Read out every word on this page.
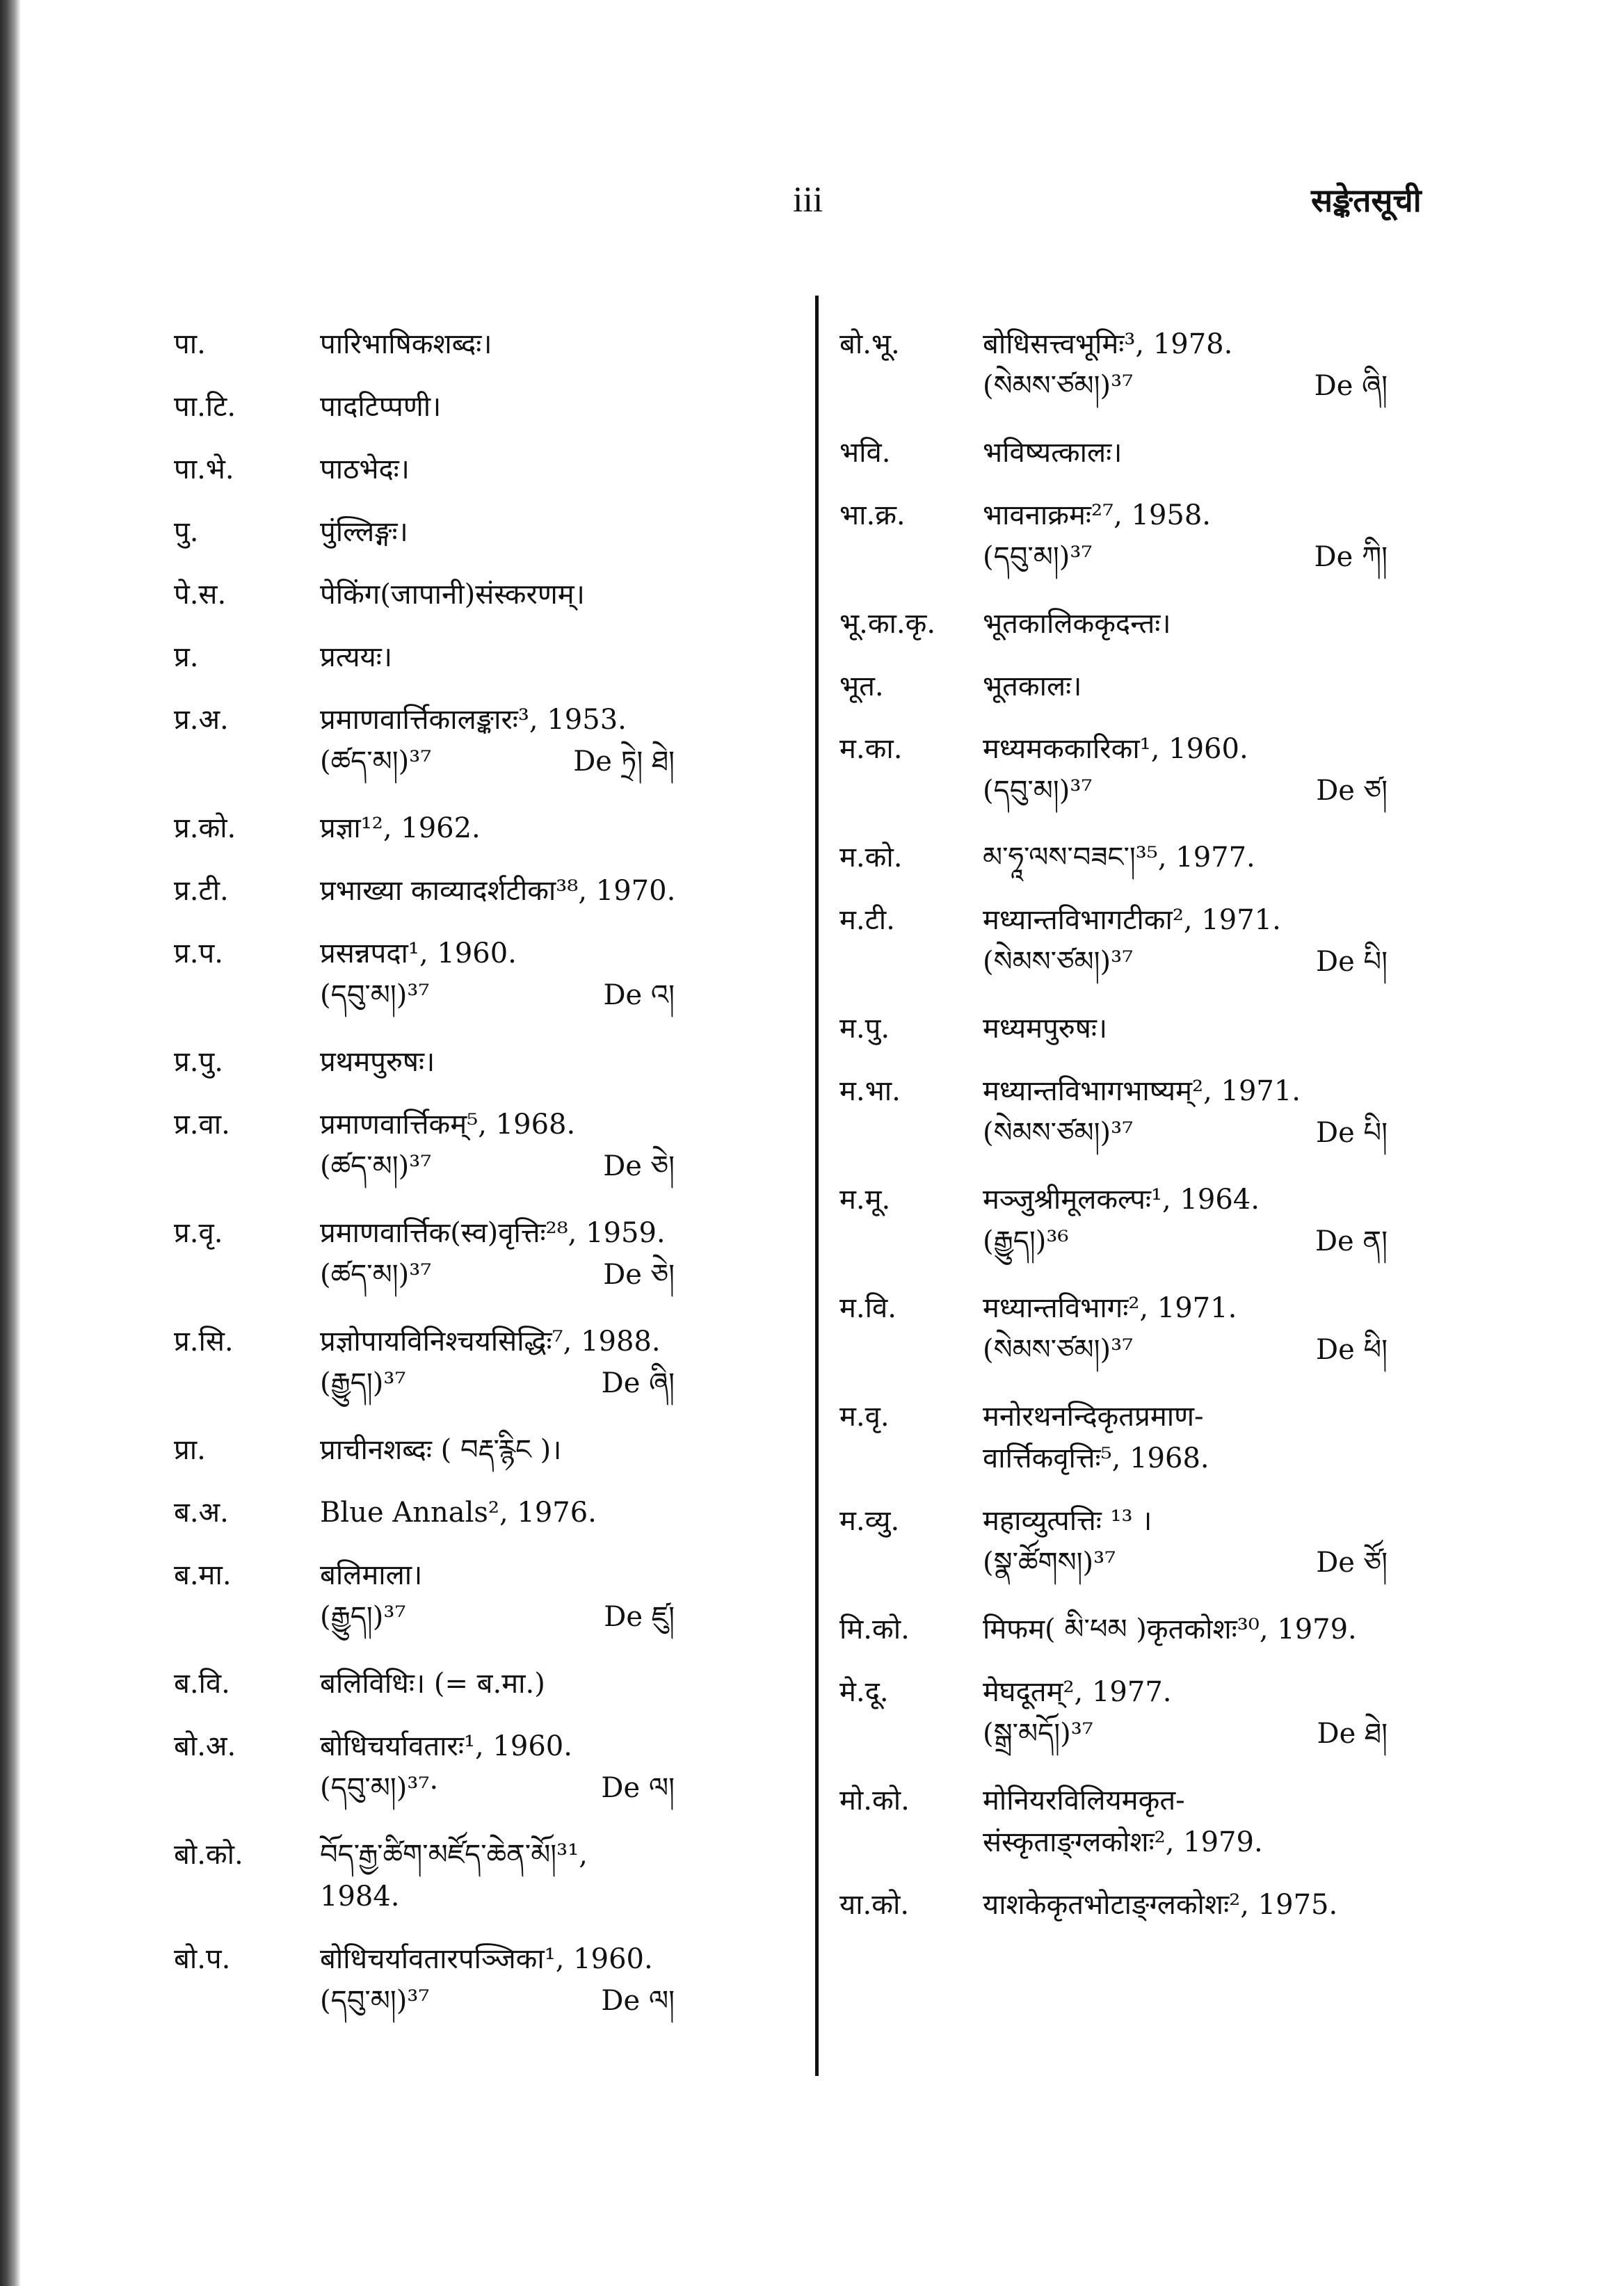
iii	सङ्केतसूची
पा.	पारिभाषिकशब्दः।
पा.टि.	पादटिप्पणी।
पा.भे.	पाठभेदः।
पु.	पुंल्लिङ्गः।
पे.स.	पेकिंग(जापानी)संस्करणम्।
प्र.	प्रत्ययः।
प्र.अ.	प्रमाणवार्त्तिकालङ्कारः³, 1953.
(ཚད་མ།)³⁷	De ཏྲེ། ཐེ།
प्र.को.	प्रज्ञा¹², 1962.
प्र.टी.	प्रभाख्या काव्यादर्शटीका³⁸, 1970.
प्र.प.	प्रसन्नपदा¹, 1960.
(དབུ་མ།)³⁷	De འ།
प्र.पु.	प्रथमपुरुषः।
प्र.वा.	प्रमाणवार्त्तिकम्⁵, 1968.
(ཚད་མ།)³⁷	De ཅེ།
प्र.वृ.	प्रमाणवार्त्तिक(स्व)वृत्तिः²⁸, 1959.
(ཚད་མ།)³⁷	De ཅེ།
प्र.सि.	प्रज्ञोपायविनिश्चयसिद्धिः⁷, 1988.
(རྒྱུད།)³⁷	De ཞི།
प्रा.	प्राचीनशब्दः ( བརྡ་རྙིང )।
ब.अ.	Blue Annals², 1976.
ब.मा.	बलिमाला।
(རྒྱུད།)³⁷	De ཛུ།
ब.वि.	बलिविधिः। (= ब.मा.)
बो.अ.	बोधिचर्यावतारः¹, 1960.
(དབུ་མ།)³⁷·	De ལ།
बो.को.	བོད་རྒྱ་ཚིག་མཛོད་ཆེན་མོ།³¹,
1984.
बो.प.	बोधिचर्यावतारपञ्जिका¹, 1960.
(དབུ་མ།)³⁷	De ལ།
बो.भू.	बोधिसत्त्वभूमिः³, 1978.
(སེམས་ཙམ།)³⁷	De ཞི།
भवि.	भविष्यत्कालः।
भा.क्र.	भावनाक्रमः²⁷, 1958.
(དབུ་མ།)³⁷	De ཀི།
भू.का.कृ. भूतकालिककृदन्तः।
भूत.	भूतकालः।
म.का.	मध्यमककारिका¹, 1960.
(དབུ་མ།)³⁷	De ཙ།
म.को.	མ་ཧཱ་ལས་བཟང་།³⁵, 1977.
म.टी.	मध्यान्तविभागटीका², 1971.
(སེམས་ཙམ།)³⁷	De པི།
म.पु.	मध्यमपुरुषः।
म.भा.	मध्यान्तविभागभाष्यम्², 1971.
(སེམས་ཙམ།)³⁷	De པི།
म.मू.	मञ्जुश्रीमूलकल्पः¹, 1964.
(རྒྱུད།)³⁶	De ན།
म.वि.	मध्यान्तविभागः², 1971.
(སེམས་ཙམ།)³⁷	De ཕི།
म.वृ.	मनोरथनन्दिकृतप्रमाण-
वार्त्तिकवृत्तिः⁵, 1968.
म.व्यु.	महाव्युत्पत्तिः ¹³ ।
(སྣ་ཚོགས།)³⁷	De ཙོ།
मि.को.	मिफम( མི་ཕམ )कृतकोशः³⁰, 1979.
मे.दू.	मेघदूतम्², 1977.
(སྒྲ་མདོ།)³⁷	De ཐེ།
मो.को.	मोनियरविलियमकृत-
संस्कृताङ्ग्लकोशः², 1979.
या.को.	याशकेकृतभोटाङ्ग्लकोशः², 1975.
